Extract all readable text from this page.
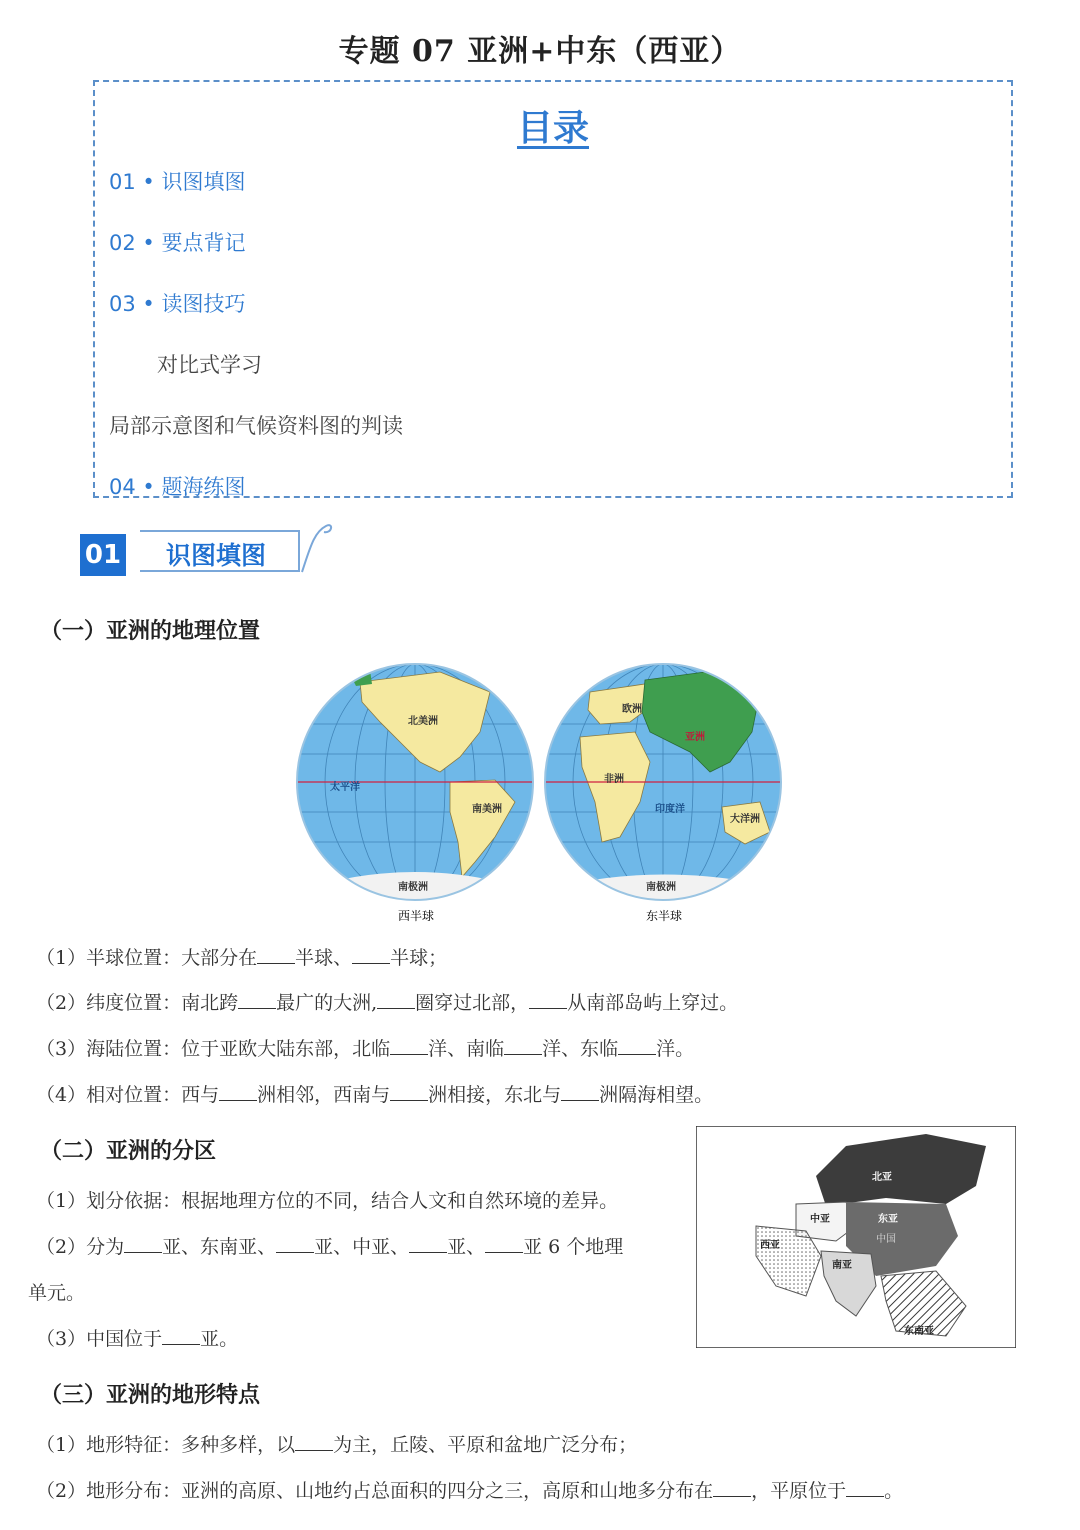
专题 07 亚洲+中东（西亚）
目录
01 • 识图填图
02 • 要点背记
03 • 读图技巧
对比式学习
局部示意图和气候资料图的判读
04 • 题海练图
01 识图填图
（一）亚洲的地理位置
北美洲
南美洲
南极洲
欧洲
亚洲
非洲
大洋洲
南极洲
太平洋
印度洋
西半球	东半球
（1）半球位置：大部分在 半球、 半球；
（2）纬度位置：南北跨 最广的大洲, 圈穿过北部， 从南部岛屿上穿过。
（3）海陆位置：位于亚欧大陆东部，北临 洋、南临 洋、东临 洋。
（4）相对位置：西与 洲相邻，西南与 洲相接，东北与 洲隔海相望。
（二）亚洲的分区
（1）划分依据：根据地理方位的不同，结合人文和自然环境的差异。
（2）分为 亚、东南亚、 亚、中亚、 亚、 亚 6 个地理
单元。
（3）中国位于 亚。
北亚
中亚	东亚
中国
西亚
南亚
东南亚
（三）亚洲的地形特点
（1）地形特征：多种多样，以 为主，丘陵、平原和盆地广泛分布；
（2）地形分布：亚洲的高原、山地约占总面积的四分之三，高原和山地多分布在 ，平原位于 。
